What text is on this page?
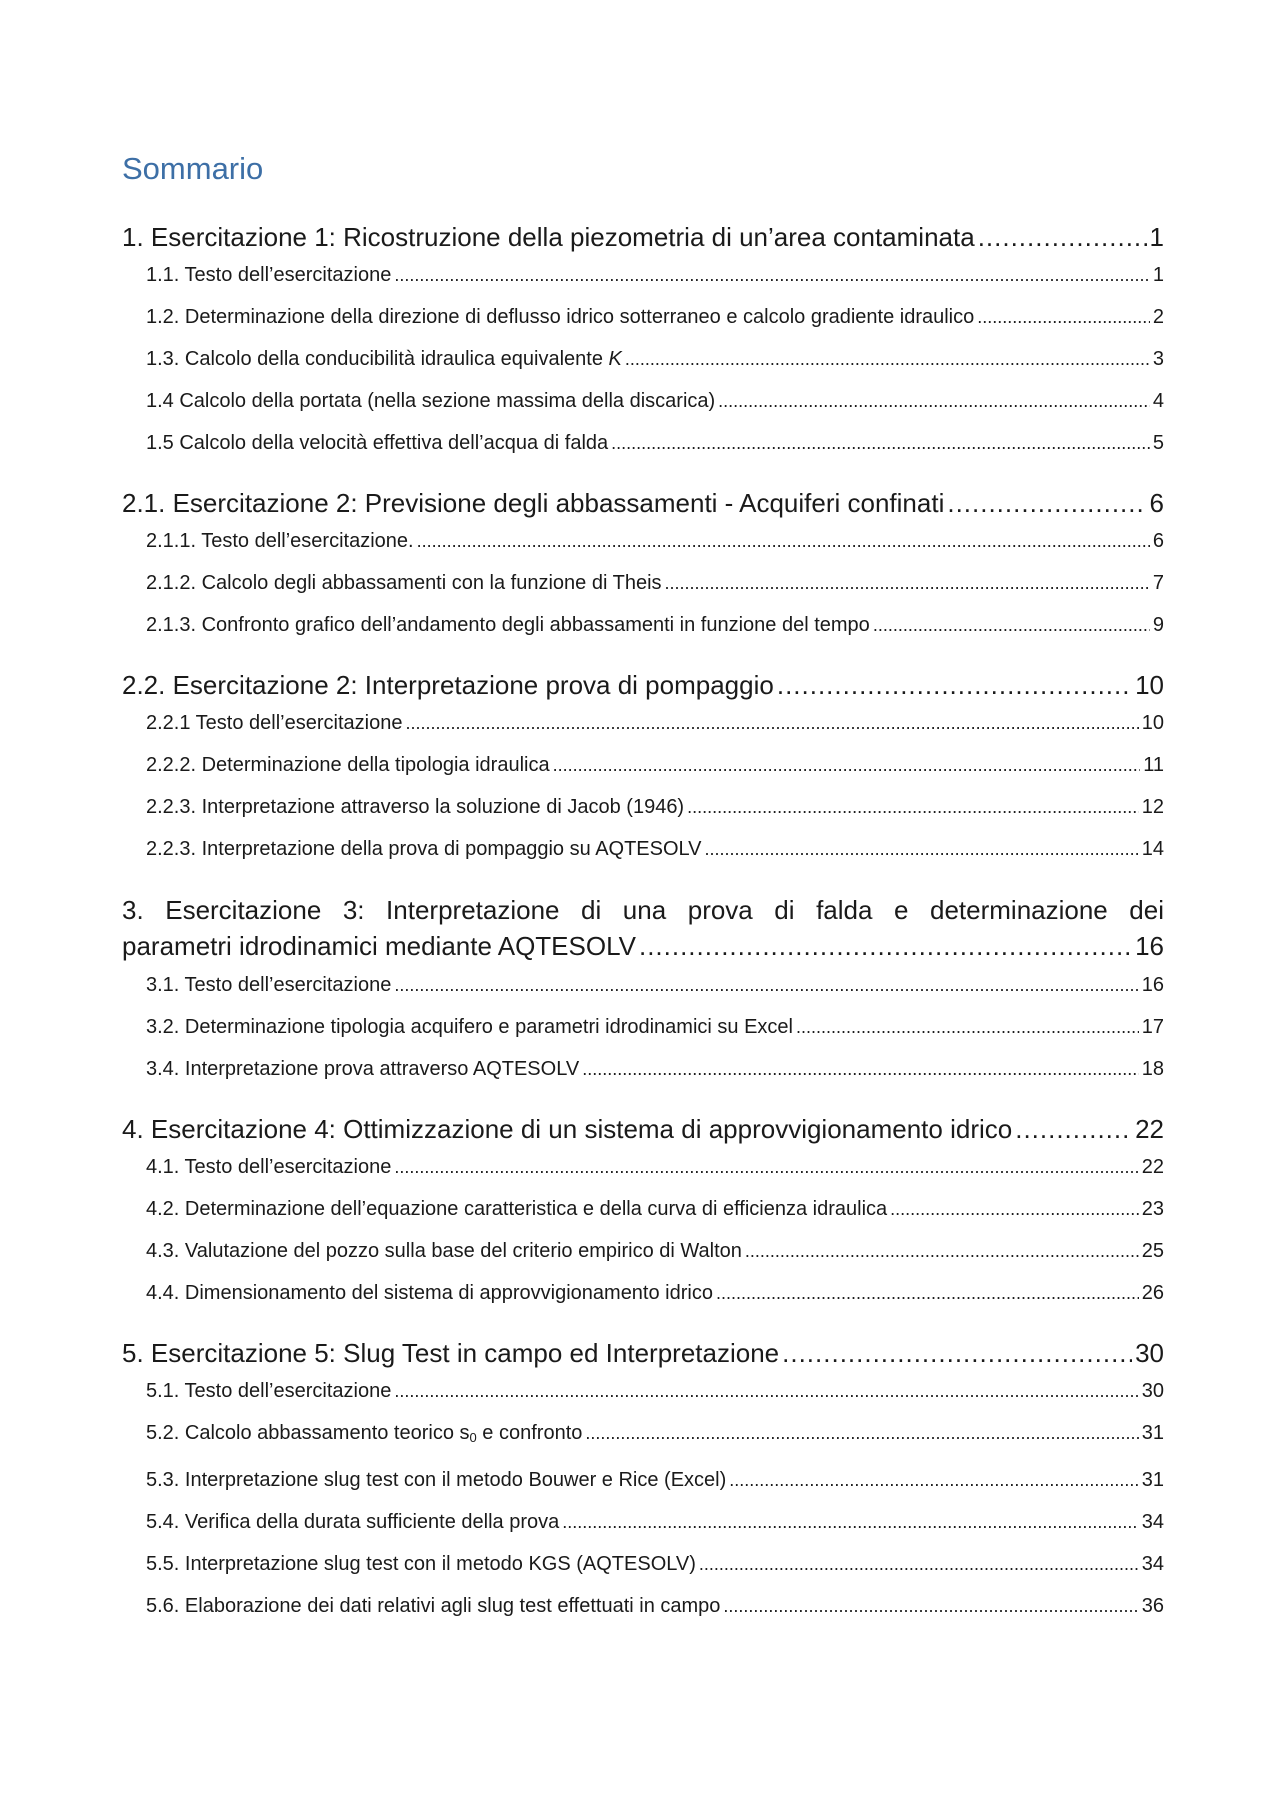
Sommario
1. Esercitazione 1: Ricostruzione della piezometria di un’area contaminata .....	1
1.1. Testo dell’esercitazione .....	1
1.2. Determinazione della direzione di deflusso idrico sotterraneo e calcolo gradiente idraulico .....	2
1.3. Calcolo della conducibilità idraulica equivalente K .....	3
1.4 Calcolo della portata (nella sezione massima della discarica) .....	4
1.5 Calcolo della velocità effettiva dell’acqua di falda .....	5
2.1. Esercitazione 2: Previsione degli abbassamenti - Acquiferi confinati .....	6
2.1.1. Testo dell’esercitazione. .....	6
2.1.2. Calcolo degli abbassamenti con la funzione di Theis .....	7
2.1.3. Confronto grafico dell’andamento degli abbassamenti in funzione del tempo .....	9
2.2. Esercitazione 2: Interpretazione prova di pompaggio .....	10
2.2.1 Testo dell’esercitazione .....	10
2.2.2. Determinazione della tipologia idraulica .....	11
2.2.3. Interpretazione attraverso la soluzione di Jacob (1946) .....	12
2.2.3. Interpretazione della prova di pompaggio su AQTESOLV .....	14
3. Esercitazione 3: Interpretazione di una prova di falda e determinazione dei
parametri idrodinamici mediante AQTESOLV .....	16
3.1. Testo dell’esercitazione .....	16
3.2. Determinazione tipologia acquifero e parametri idrodinamici su Excel .....	17
3.4. Interpretazione prova attraverso AQTESOLV .....	18
4. Esercitazione 4: Ottimizzazione di un sistema di approvvigionamento idrico .....	22
4.1. Testo dell’esercitazione .....	22
4.2. Determinazione dell’equazione caratteristica e della curva di efficienza idraulica .....	23
4.3. Valutazione del pozzo sulla base del criterio empirico di Walton .....	25
4.4. Dimensionamento del sistema di approvvigionamento idrico .....	26
5. Esercitazione 5: Slug Test in campo ed Interpretazione .....	30
5.1. Testo dell’esercitazione .....	30
5.2. Calcolo abbassamento teorico $s_0$ e confronto .....	31
5.3. Interpretazione slug test con il metodo Bouwer e Rice (Excel) .....	31
5.4. Verifica della durata sufficiente della prova .....	34
5.5. Interpretazione slug test con il metodo KGS (AQTESOLV) .....	34
5.6. Elaborazione dei dati relativi agli slug test effettuati in campo .....	36
